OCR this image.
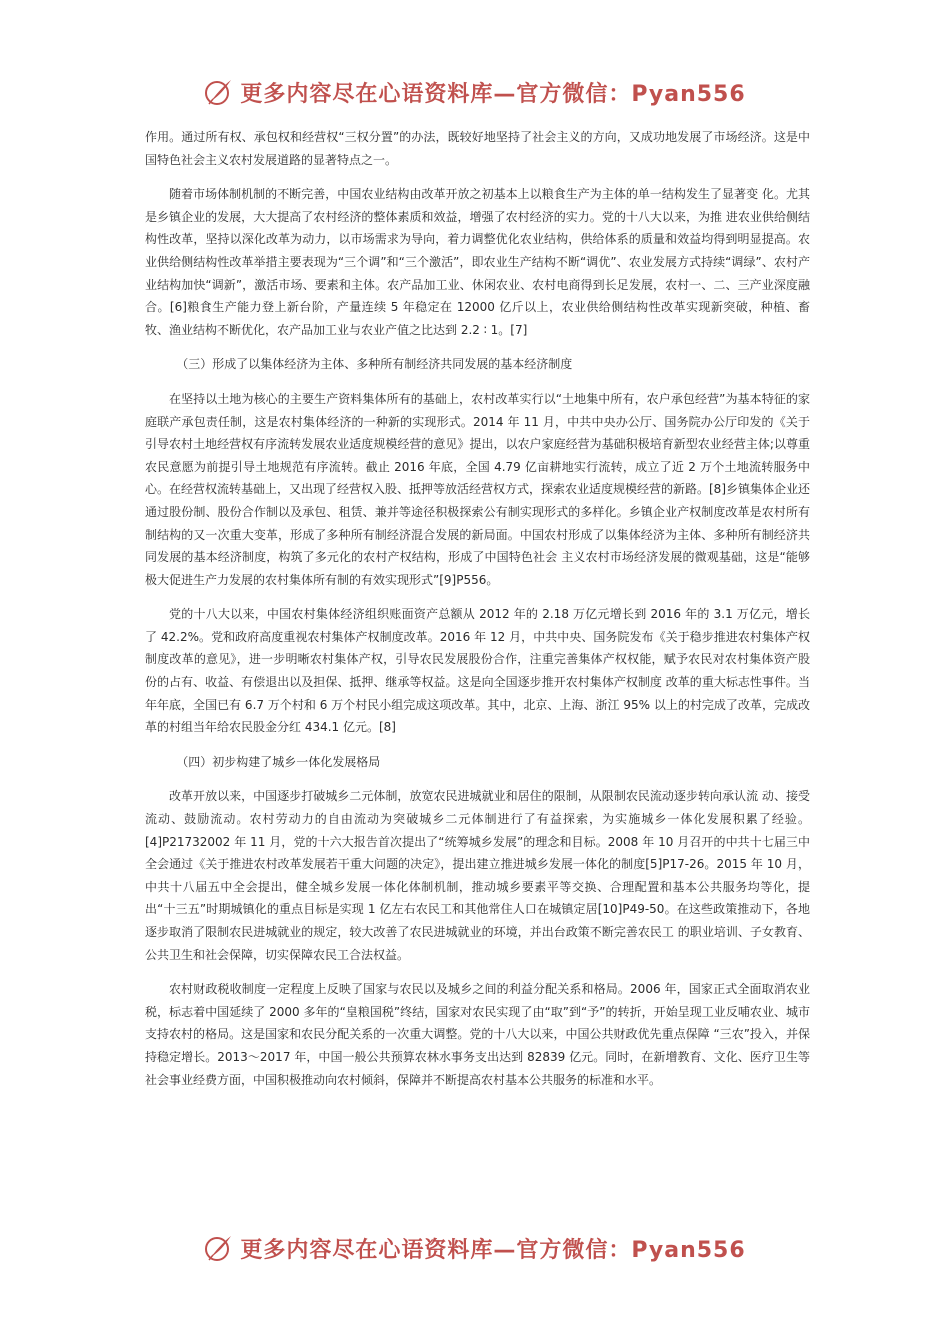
更多内容尽在心语资料库—官方微信：Pyan556

作用。通过所有权、承包权和经营权“三权分置”的办法，既较好地坚持了社会主义的方向，又成功地发展了市场经济。这是中国特色社会主义农村发展道路的显著特点之一。

随着市场体制机制的不断完善，中国农业结构由改革开放之初基本上以粮食生产为主体的单一结构发生了显著变 化。尤其是乡镇企业的发展，大大提高了农村经济的整体素质和效益，增强了农村经济的实力。党的十八大以来，为推 进农业供给侧结构性改革，坚持以深化改革为动力，以市场需求为导向，着力调整优化农业结构，供给体系的质量和效益均得到明显提高。农业供给侧结构性改革举措主要表现为“三个调”和“三个激活”，即农业生产结构不断“调优”、农业发展方式持续“调绿”、农村产业结构加快“调新”，激活市场、要素和主体。农产品加工业、休闲农业、农村电商得到长足发展，农村一、二、三产业深度融合。[6]粮食生产能力登上新台阶，产量连续 5 年稳定在 12000 亿斤以上，农业供给侧结构性改革实现新突破，种植、畜牧、渔业结构不断优化，农产品加工业与农业产值之比达到 2.2 ∶ 1。[7]

（三）形成了以集体经济为主体、多种所有制经济共同发展的基本经济制度

在坚持以土地为核心的主要生产资料集体所有的基础上，农村改革实行以“土地集中所有，农户承包经营”为基本特征的家庭联产承包责任制，这是农村集体经济的一种新的实现形式。2014 年 11 月，中共中央办公厅、国务院办公厅印发的《关于引导农村土地经营权有序流转发展农业适度规模经营的意见》提出，以农户家庭经营为基础积极培育新型农业经营主体;以尊重农民意愿为前提引导土地规范有序流转。截止 2016 年底，全国 4.79 亿亩耕地实行流转，成立了近 2 万个土地流转服务中心。在经营权流转基础上，又出现了经营权入股、抵押等放活经营权方式，探索农业适度规模经营的新路。[8]乡镇集体企业还通过股份制、股份合作制以及承包、租赁、兼并等途径积极探索公有制实现形式的多样化。乡镇企业产权制度改革是农村所有制结构的又一次重大变革，形成了多种所有制经济混合发展的新局面。中国农村形成了以集体经济为主体、多种所有制经济共同发展的基本经济制度，构筑了多元化的农村产权结构，形成了中国特色社会 主义农村市场经济发展的微观基础，这是“能够极大促进生产力发展的农村集体所有制的有效实现形式”[9]P556。

党的十八大以来，中国农村集体经济组织账面资产总额从 2012 年的 2.18 万亿元增长到 2016 年的 3.1 万亿元，增长了 42.2%。党和政府高度重视农村集体产权制度改革。2016 年 12 月，中共中央、国务院发布《关于稳步推进农村集体产权制度改革的意见》，进一步明晰农村集体产权，引导农民发展股份合作，注重完善集体产权权能，赋予农民对农村集体资产股份的占有、收益、有偿退出以及担保、抵押、继承等权益。这是向全国逐步推开农村集体产权制度 改革的重大标志性事件。当年年底，全国已有 6.7 万个村和 6 万个村民小组完成这项改革。其中，北京、上海、浙江 95% 以上的村完成了改革，完成改革的村组当年给农民股金分红 434.1 亿元。[8]

（四）初步构建了城乡一体化发展格局

改革开放以来，中国逐步打破城乡二元体制，放宽农民进城就业和居住的限制，从限制农民流动逐步转向承认流 动、接受流动、鼓励流动。农村劳动力的自由流动为突破城乡二元体制进行了有益探索，为实施城乡一体化发展积累了经验。[4]P21732002 年 11 月，党的十六大报告首次提出了“统筹城乡发展”的理念和目标。2008 年 10 月召开的中共十七届三中全会通过《关于推进农村改革发展若干重大问题的决定》，提出建立推进城乡发展一体化的制度[5]P17-26。2015 年 10 月，中共十八届五中全会提出，健全城乡发展一体化体制机制，推动城乡要素平等交换、合理配置和基本公共服务均等化，提出“十三五”时期城镇化的重点目标是实现 1 亿左右农民工和其他常住人口在城镇定居[10]P49-50。在这些政策推动下，各地逐步取消了限制农民进城就业的规定，较大改善了农民进城就业的环境，并出台政策不断完善农民工 的职业培训、子女教育、公共卫生和社会保障，切实保障农民工合法权益。

农村财政税收制度一定程度上反映了国家与农民以及城乡之间的利益分配关系和格局。2006 年，国家正式全面取消农业税，标志着中国延续了 2000 多年的“皇粮国税”终结，国家对农民实现了由“取”到“予”的转折，开始呈现工业反哺农业、城市支持农村的格局。这是国家和农民分配关系的一次重大调整。党的十八大以来，中国公共财政优先重点保障 “三农”投入，并保持稳定增长。2013～2017 年，中国一般公共预算农林水事务支出达到 82839 亿元。同时，在新增教育、文化、医疗卫生等社会事业经费方面，中国积极推动向农村倾斜，保障并不断提高农村基本公共服务的标准和水平。

更多内容尽在心语资料库—官方微信：Pyan556
